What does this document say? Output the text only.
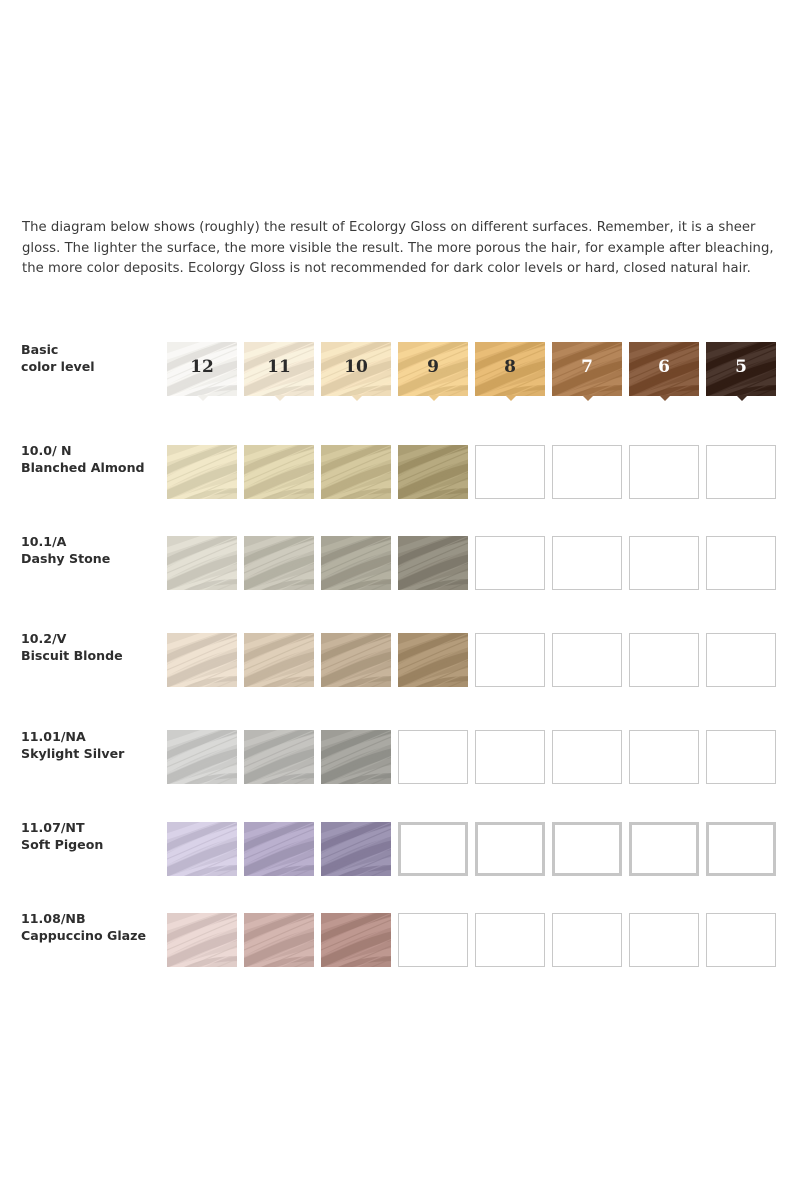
The diagram below shows (roughly) the result of Ecolorgy Gloss on different surfaces. Remember, it is a sheer gloss. The lighter the surface, the more visible the result. The more porous the hair, for example after bleaching, the more color deposits. Ecolorgy Gloss is not recommended for dark color levels or hard, closed natural hair.
Basic
color level	12	11	10	9	8	7	6	5
10.0/ N
Blanched Almond
10.1/A
Dashy Stone
10.2/V
Biscuit Blonde
11.01/NA
Skylight Silver
11.07/NT
Soft Pigeon
11.08/NB
Cappuccino Glaze
